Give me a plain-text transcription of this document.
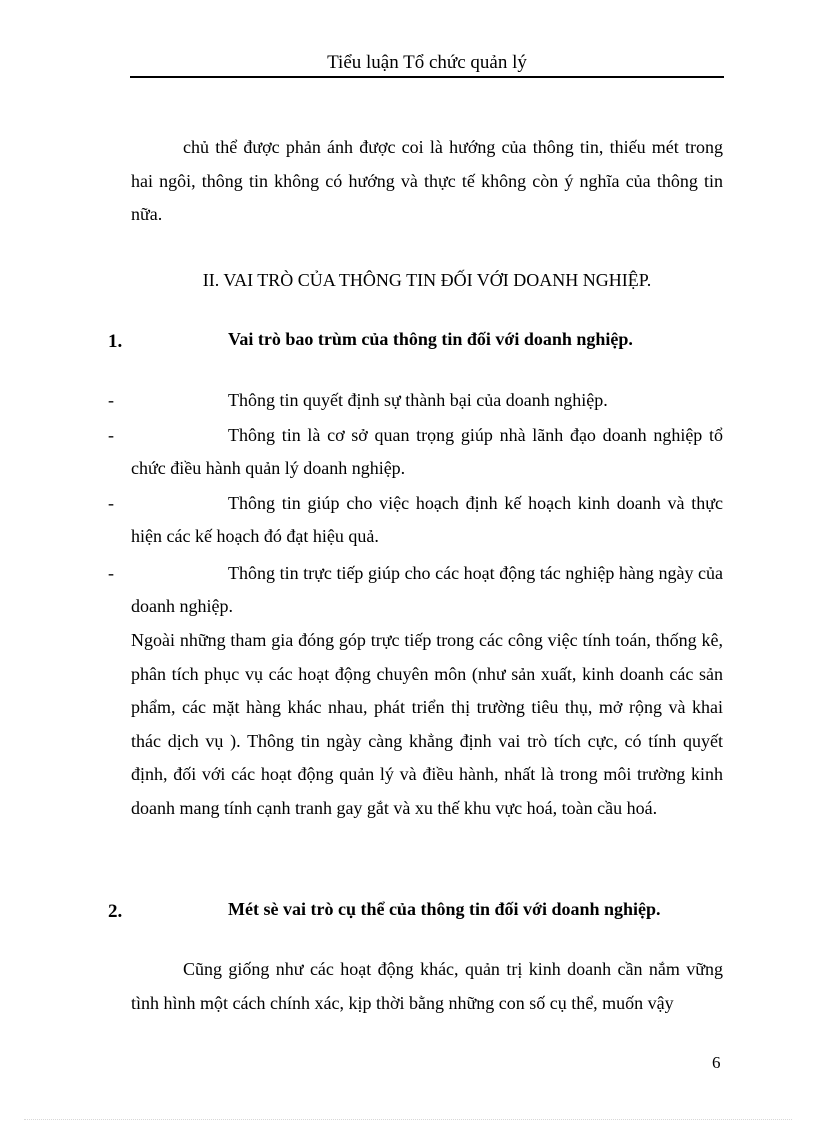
Tiểu luận Tổ chức quản lý

chủ thể được phản ánh được coi là hướng của thông tin, thiếu mét trong hai ngôi, thông tin không có hướng và thực tế không còn ý nghĩa của thông tin nữa.

II. VAI TRÒ CỦA THÔNG TIN ĐỐI VỚI DOANH NGHIỆP.
1.	Vai trò bao trùm của thông tin đối với doanh nghiệp.
-	Thông tin quyết định sự thành bại của doanh nghiệp.

-	Thông tin là cơ sở quan trọng giúp nhà lãnh đạo doanh nghiệp tổ chức điều hành quản lý doanh nghiệp.

-	Thông tin giúp cho việc hoạch định kế hoạch kinh doanh và thực hiện các kế hoạch đó đạt hiệu quả.

-	Thông tin trực tiếp giúp cho các hoạt động tác nghiệp hàng ngày của doanh nghiệp.

Ngoài những tham gia đóng góp trực tiếp trong các công việc tính toán, thống kê, phân tích phục vụ các hoạt động chuyên môn (như sản xuất, kinh doanh các sản phẩm, các mặt hàng khác nhau, phát triển thị trường tiêu thụ, mở rộng và khai thác dịch vụ ). Thông tin ngày càng khẳng định vai trò tích cực, có tính quyết định, đối với các hoạt động quản lý và điều hành, nhất là trong môi trường kinh doanh mang tính cạnh tranh gay gắt và xu thế khu vực hoá, toàn cầu hoá.

2.	Mét sè vai trò cụ thể của thông tin đối với doanh nghiệp.

Cũng giống như các hoạt động khác, quản trị kinh doanh cần nắm vững tình hình một cách chính xác, kịp thời bằng những con số cụ thể, muốn vậy

6
